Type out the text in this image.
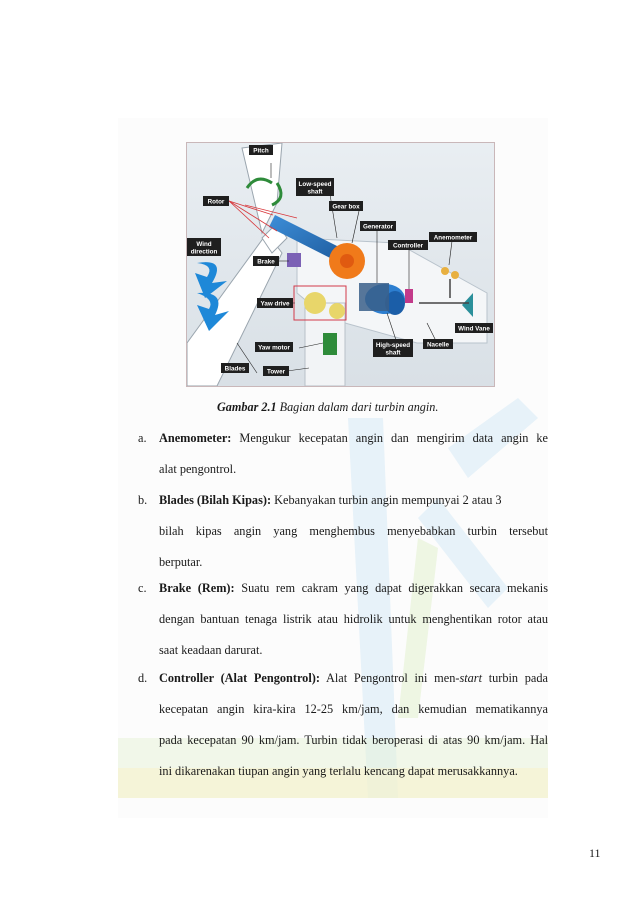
Pitch
Rotor
Low-speed
shaft
Gear box
Generator
Anemometer
Controller
Wind
direction
Brake
Yaw drive
Wind Vane
High-speed
shaft
Nacelle
Yaw motor
Blades	Tower
Gambar 2.1 Bagian dalam dari turbin angin.
a. Anemometer: Mengukur kecepatan angin dan mengirim data angin ke
alat pengontrol.
b. Blades (Bilah Kipas): Kebanyakan turbin angin mempunyai 2 atau 3
bilah kipas angin yang menghembus menyebabkan turbin tersebut
berputar.
c. Brake (Rem): Suatu rem cakram yang dapat digerakkan secara mekanis
dengan bantuan tenaga listrik atau hidrolik untuk menghentikan rotor atau
saat keadaan darurat.
d. Controller (Alat Pengontrol): Alat Pengontrol ini men-start turbin pada
kecepatan angin kira-kira 12-25 km/jam, dan kemudian mematikannya
pada kecepatan 90 km/jam. Turbin tidak beroperasi di atas 90 km/jam. Hal
ini dikarenakan tiupan angin yang terlalu kencang dapat merusakkannya.
11
